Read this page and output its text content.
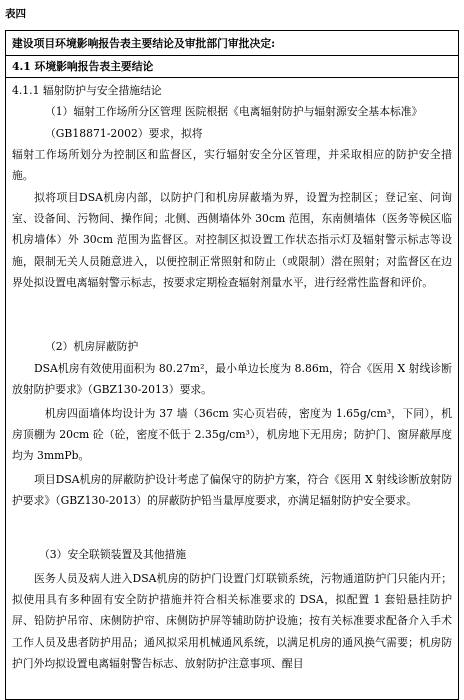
表四
建设项目环境影响报告表主要结论及审批部门审批决定:
4.1 环境影响报告表主要结论
4.1.1 辐射防护与安全措施结论
（1）辐射工作场所分区管理 医院根据《电离辐射防护与辐射源安全基本标准》
（GB18871-2002）要求，拟将
辐射工作场所划分为控制区和监督区，实行辐射安全分区管理，并采取相应的防护安全措施。
拟将项目DSA机房内部，以防护门和机房屏蔽墙为界，设置为控制区；登记室、问询室、设备间、污物间、操作间；北侧、西侧墙体外 30cm 范围，东南侧墙体（医务等候区临机房墙体）外 30cm 范围为监督区。对控制区拟设置工作状态指示灯及辐射警示标志等设施，限制无关人员随意进入，以便控制正常照射和防止（或限制）潜在照射；对监督区在边界处拟设置电离辐射警示标志，按要求定期检查辐射剂量水平，进行经常性监督和评价。
（2）机房屏蔽防护
DSA机房有效使用面积为 80.27m²，最小单边长度为 8.86m，符合《医用 X 射线诊断放射防护要求》（GBZ130-2013）要求。
机房四面墙体均设计为 37 墙（36cm 实心页岩砖，密度为 1.65g/cm³，下同），机房顶棚为 20cm 砼（砼，密度不低于 2.35g/cm³），机房地下无用房；防护门、窗屏蔽厚度均为 3mmPb。
项目DSA机房的屏蔽防护设计考虑了偏保守的防护方案，符合《医用 X 射线诊断放射防护要求》（GBZ130-2013）的屏蔽防护铅当量厚度要求，亦满足辐射防护安全要求。
（3）安全联锁装置及其他措施
医务人员及病人进入DSA机房的防护门设置门灯联锁系统，污物通道防护门只能内开；拟使用具有多种固有安全防护措施并符合相关标准要求的 DSA，拟配置 1 套铅悬挂防护屏、铅防护吊帘、床侧防护帘、床侧防护屏等辅助防护设施；按有关标准要求配备介入手术工作人员及患者防护用品；通风拟采用机械通风系统，以满足机房的通风换气需要；机房防护门外均拟设置电离辐射警告标志、放射防护注意事项、醒目
